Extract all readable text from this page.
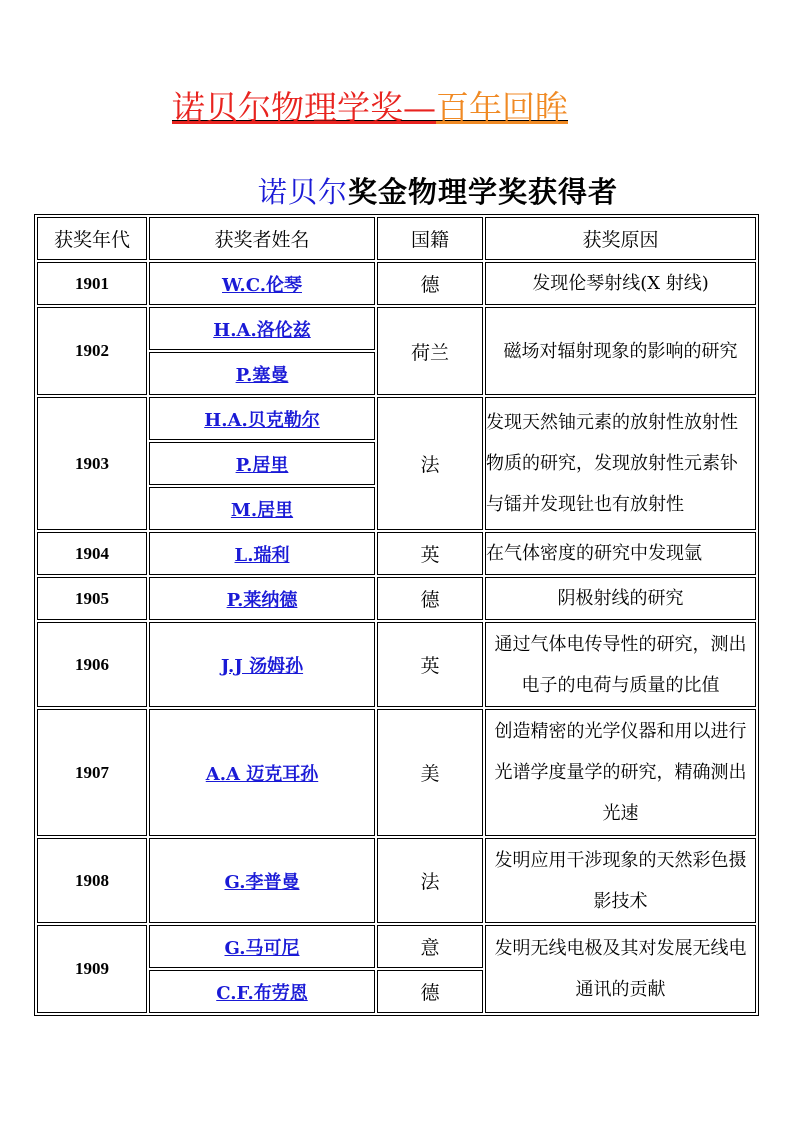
诺贝尔物理学奖—百年回眸
诺贝尔奖金物理学奖获得者
获奖年代	获奖者姓名	国籍	获奖原因
1901	W.C.伦琴	德	发现伦琴射线(X 射线)
1902	H.A.洛伦兹	荷兰	磁场对辐射现象的影响的研究
	P.塞曼		
1903	H.A.贝克勒尔	法	发现天然铀元素的放射性放射性物质的研究，发现放射性元素钋与镭并发现钍也有放射性
	P.居里		
	M.居里		
1904	L.瑞利	英	在气体密度的研究中发现氩
1905	P.莱纳德	德	阴极射线的研究
1906	J.J 汤姆孙	英	通过气体电传导性的研究，测出电子的电荷与质量的比值
1907	A.A 迈克耳孙	美	创造精密的光学仪器和用以进行光谱学度量学的研究，精确测出光速
1908	G.李普曼	法	发明应用干涉现象的天然彩色摄影技术
1909	G.马可尼	意	发明无线电极及其对发展无线电通讯的贡献
	C.F.布劳恩	德	
